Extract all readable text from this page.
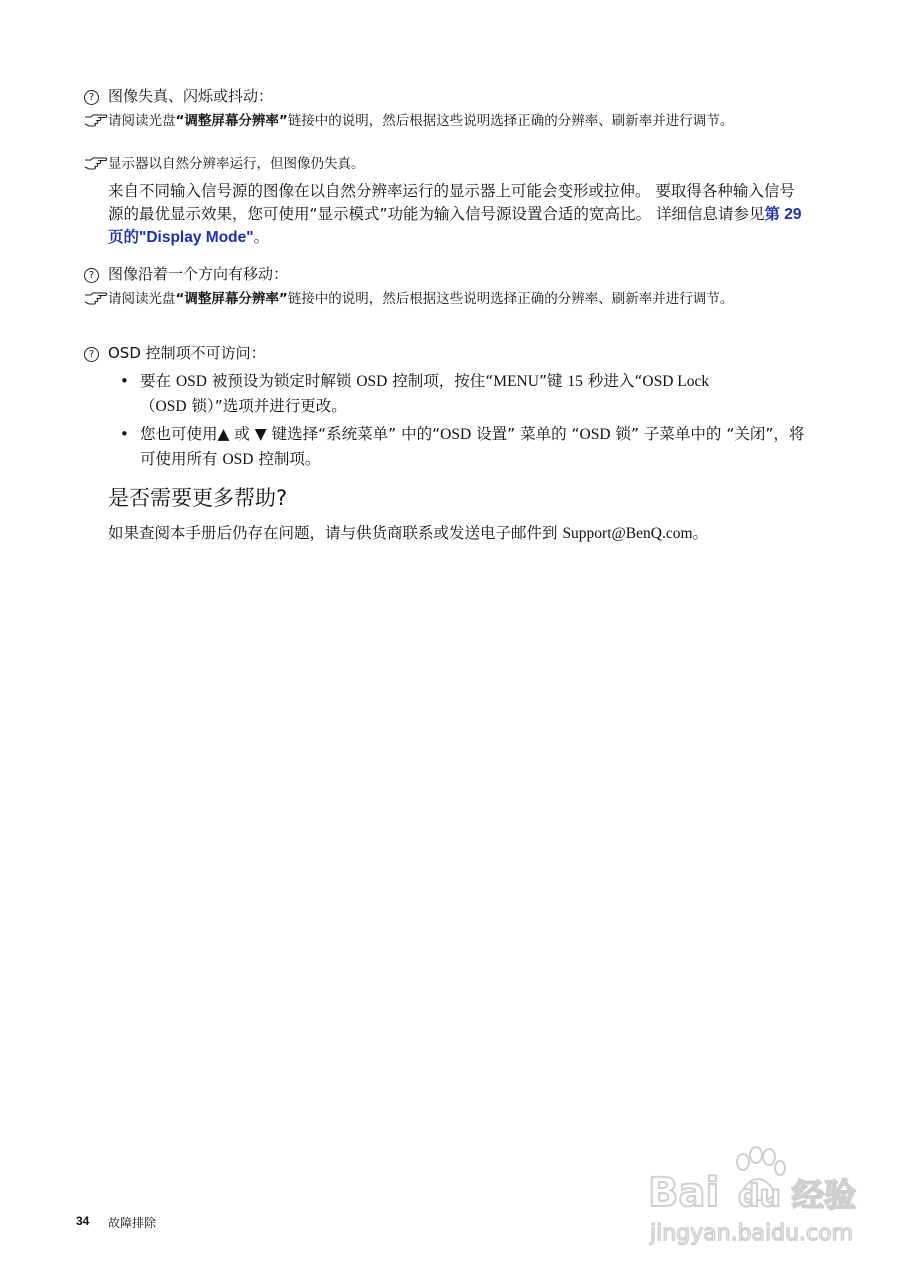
? 图像失真、闪烁或抖动：
请阅读光盘“调整屏幕分辨率”链接中的说明，然后根据这些说明选择正确的分辨率、刷新率并进行调节。
显示器以自然分辨率运行，但图像仍失真。
来自不同输入信号源的图像在以自然分辨率运行的显示器上可能会变形或拉伸。 要取得各种输入信号源的最优显示效果，您可使用“显示模式”功能为输入信号源设置合适的宽高比。 详细信息请参见第 29 页的"Display Mode"。
? 图像沿着一个方向有移动：
请阅读光盘“调整屏幕分辨率”链接中的说明，然后根据这些说明选择正确的分辨率、刷新率并进行调节。
? OSD 控制项不可访问：
• 要在 OSD 被预设为锁定时解锁 OSD 控制项，按住“MENU”键 15 秒进入“OSD Lock
（OSD 锁）”选项并进行更改。
• 您也可使用▲ 或 ▼ 键选择“系统菜单” 中的“OSD 设置” 菜单的 “OSD 锁” 子菜单中的 “关闭”，将可使用所有 OSD 控制项。
是否需要更多帮助?
如果查阅本手册后仍存在问题，请与供货商联系或发送电子邮件到 Support@BenQ.com。
34 故障排除
Bai du 经验
jingyan.baidu.com
